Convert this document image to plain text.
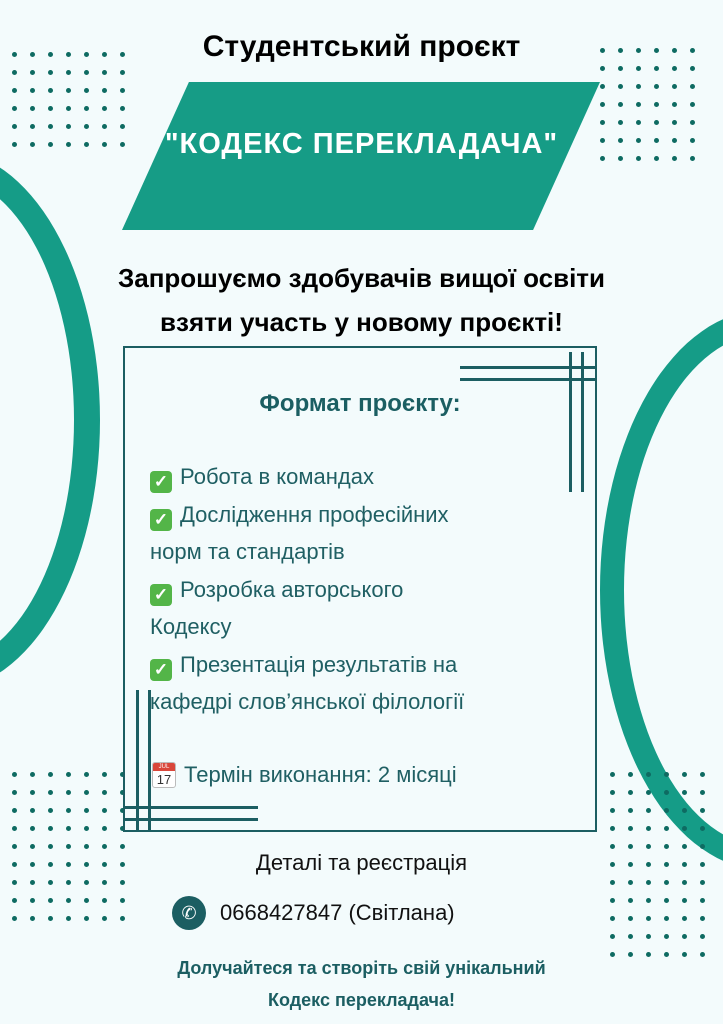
Студентський проєкт
"КОДЕКС ПЕРЕКЛАДАЧА"
Запрошуємо здобувачів вищої освіти
взяти участь у новому проєкті!
Формат проєкту:
✓ Робота в командах
✓ Дослідження професійних
норм та стандартів
✓ Розробка авторського
Кодексу
✓ Презентація результатів на
кафедрі слов’янської філології
JUL
17 Термін виконання: 2 місяці
Деталі та реєстрація
✆	0668427847 (Світлана)
Долучайтеся та створіть свій унікальний
Кодекс перекладача!
